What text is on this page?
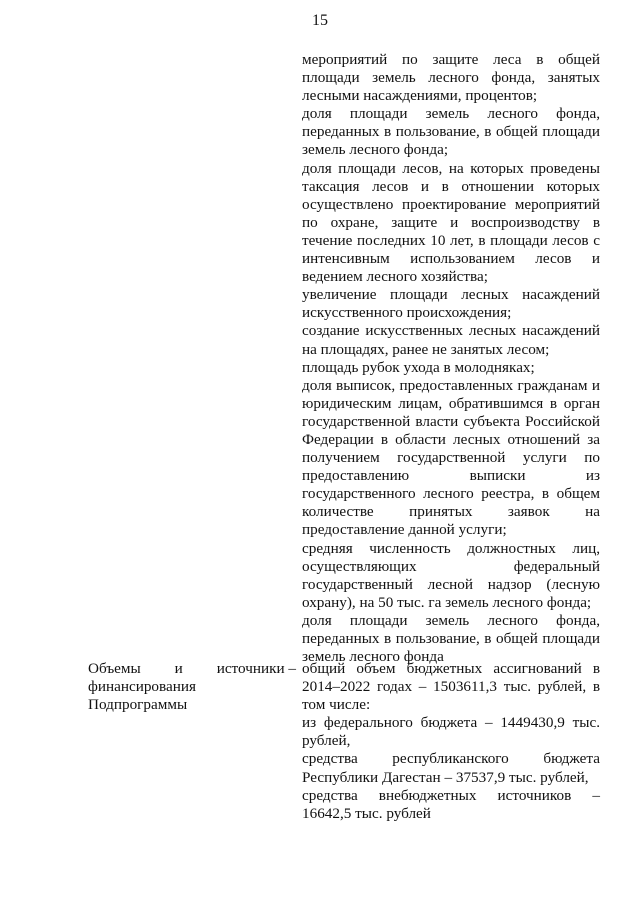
15

мероприятий по защите леса в общей площади земель лесного фонда, занятых лесными насаждениями, процентов;

доля площади земель лесного фонда, переданных в пользование, в общей площади земель лесного фонда;

доля площади лесов, на которых проведены таксация лесов и в отношении которых осуществлено проектирование мероприятий по охране, защите и воспроизводству в течение последних 10 лет, в площади лесов с интенсивным использованием лесов и ведением лесного хозяйства;

увеличение площади лесных насаждений искусственного происхождения;

создание искусственных лесных насаждений на площадях, ранее не занятых лесом;

площадь рубок ухода в молодняках;

доля выписок, предоставленных гражданам и юридическим лицам, обратившимся в орган государственной власти субъекта Российской Федерации в области лесных отношений за получением государственной услуги по предоставлению выписки из государственного лесного реестра, в общем количестве принятых заявок на предоставление данной услуги;

средняя численность должностных лиц, осуществляющих федеральный государственный лесной надзор (лесную охрану), на 50 тыс. га земель лесного фонда;

доля площади земель лесного фонда, переданных в пользование, в общей площади земель лесного фонда

Объемы и источники –
финансирования
Подпрограммы

общий объем бюджетных ассигнований в 2014–2022 годах – 1503611,3 тыс. рублей, в том числе:

из федерального бюджета – 1449430,9 тыс. рублей,

средства республиканского бюджета Республики Дагестан – 37537,9 тыс. рублей,

средства внебюджетных источников – 16642,5 тыс. рублей
